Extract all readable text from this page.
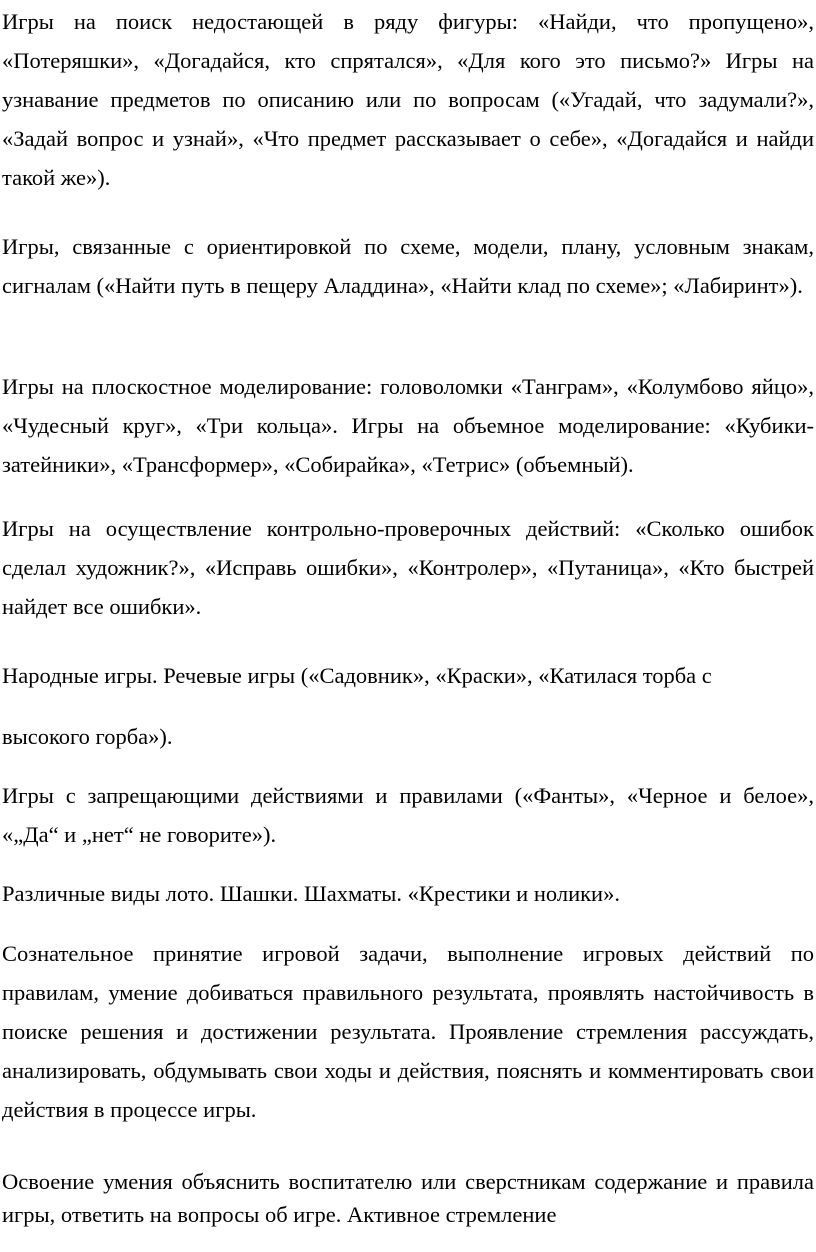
Игры на поиск недостающей в ряду фигуры: «Найди, что пропущено», «Потеряшки», «Догадайся, кто спрятался», «Для кого это письмо?» Игры на узнавание предметов по описанию или по вопросам («Угадай, что задумали?», «Задай вопрос и узнай», «Что предмет рассказывает о себе», «Догадайся и найди такой же»).

Игры, связанные с ориентировкой по схеме, модели, плану, условным знакам, сигналам («Найти путь в пещеру Аладдина», «Найти клад по схеме»; «Лабиринт»).

Игры на плоскостное моделирование: головоломки «Танграм», «Колумбово яйцо», «Чудесный круг», «Три кольца». Игры на объемное моделирование: «Кубики-затейники», «Трансформер», «Собирайка», «Тетрис» (объемный).

Игры на осуществление контрольно-проверочных действий: «Сколько ошибок сделал художник?», «Исправь ошибки», «Контролер», «Путаница», «Кто быстрей найдет все ошибки».

Народные игры. Речевые игры («Садовник», «Краски», «Катилася торба с

высокого горба»).

Игры с запрещающими действиями и правилами («Фанты», «Черное и белое», «„Да“ и „нет“ не говорите»).

Различные виды лото. Шашки. Шахматы. «Крестики и нолики».

Сознательное принятие игровой задачи, выполнение игровых действий по правилам, умение добиваться правильного результата, проявлять настойчивость в поиске решения и достижении результата. Проявление стремления рассуждать, анализировать, обдумывать свои ходы и действия, пояснять и комментировать свои действия в процессе игры.

Освоение умения объяснить воспитателю или сверстникам содержание и правила игры, ответить на вопросы об игре. Активное стремление
